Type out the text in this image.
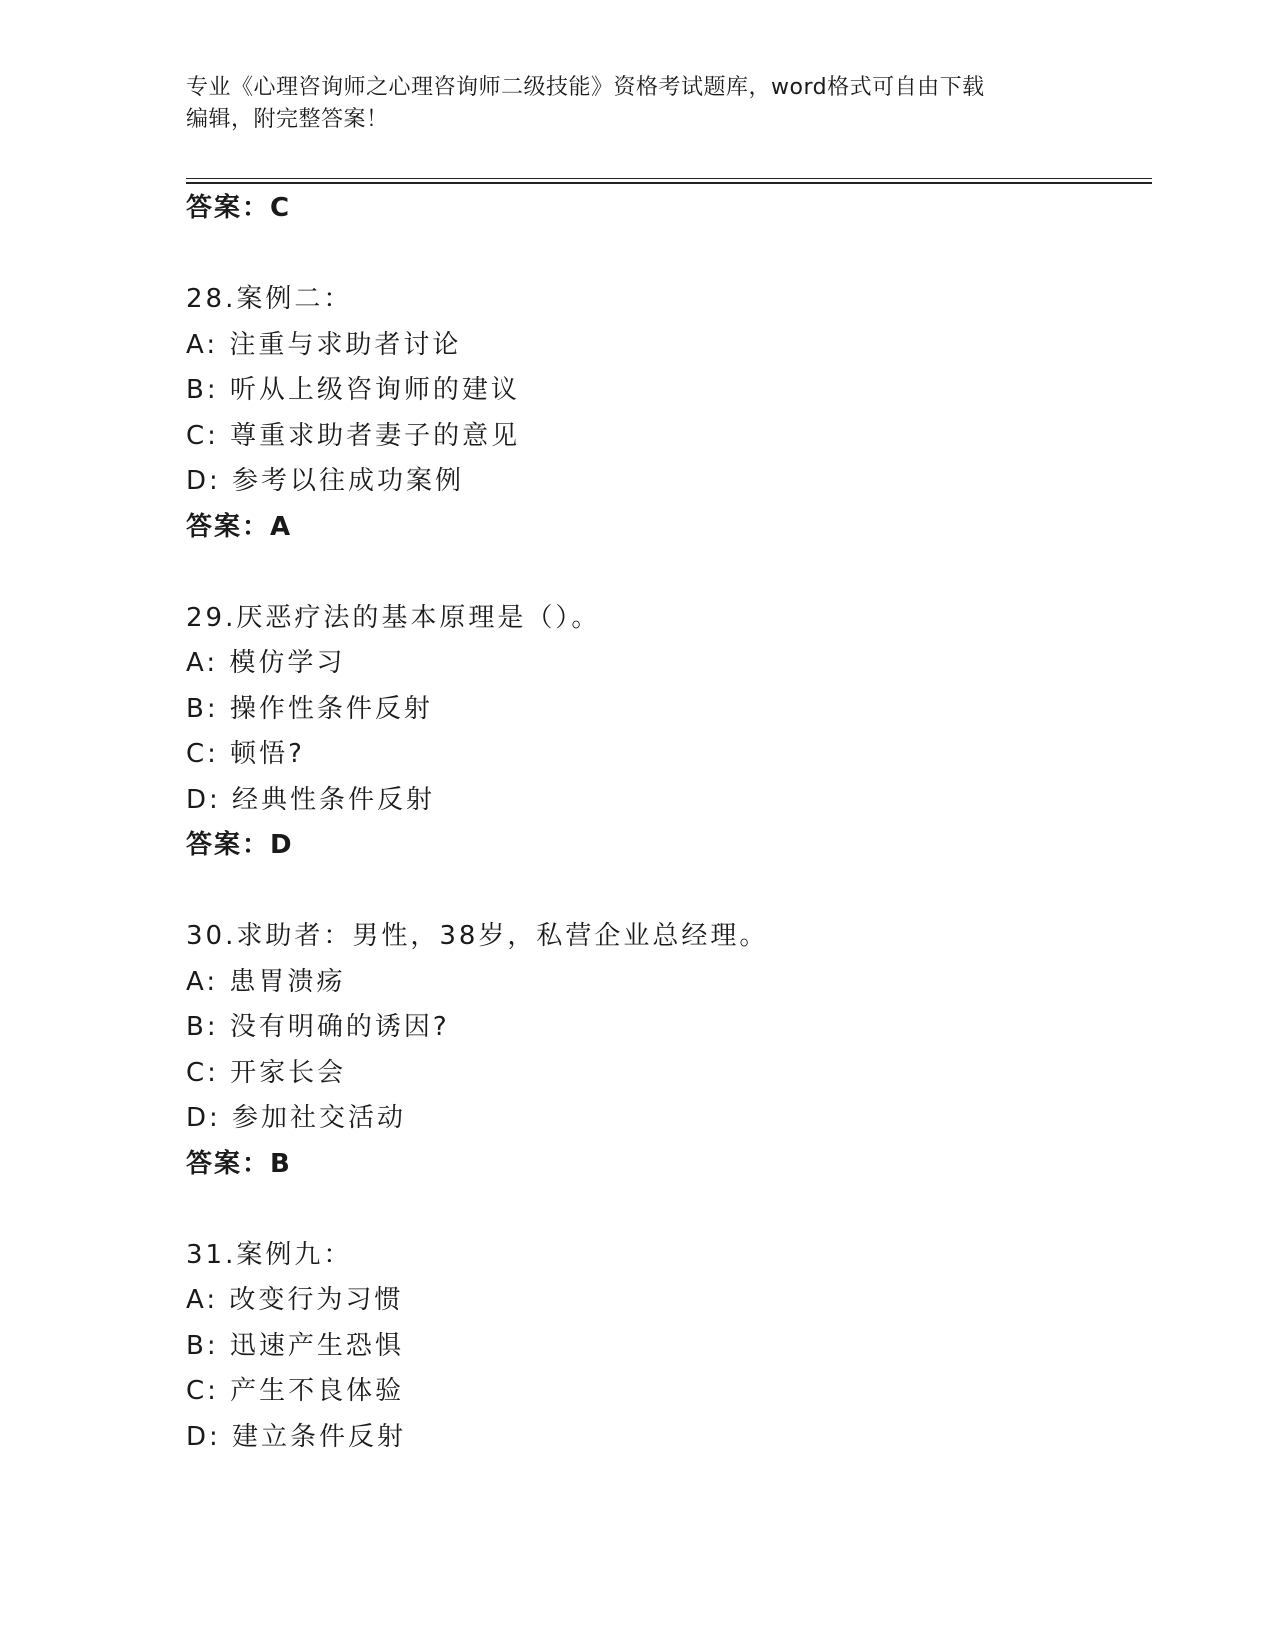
专业《心理咨询师之心理咨询师二级技能》资格考试题库，word格式可自由下载
编辑，附完整答案！
答案：C
28.案例二：
A: 注重与求助者讨论
B: 听从上级咨询师的建议
C: 尊重求助者妻子的意见
D: 参考以往成功案例
答案：A
29.厌恶疗法的基本原理是（）。
A: 模仿学习
B: 操作性条件反射
C: 顿悟?
D: 经典性条件反射
答案：D
30.求助者：男性，38岁，私营企业总经理。
A: 患胃溃疡
B: 没有明确的诱因?
C: 开家长会
D: 参加社交活动
答案：B
31.案例九：
A: 改变行为习惯
B: 迅速产生恐惧
C: 产生不良体验
D: 建立条件反射
